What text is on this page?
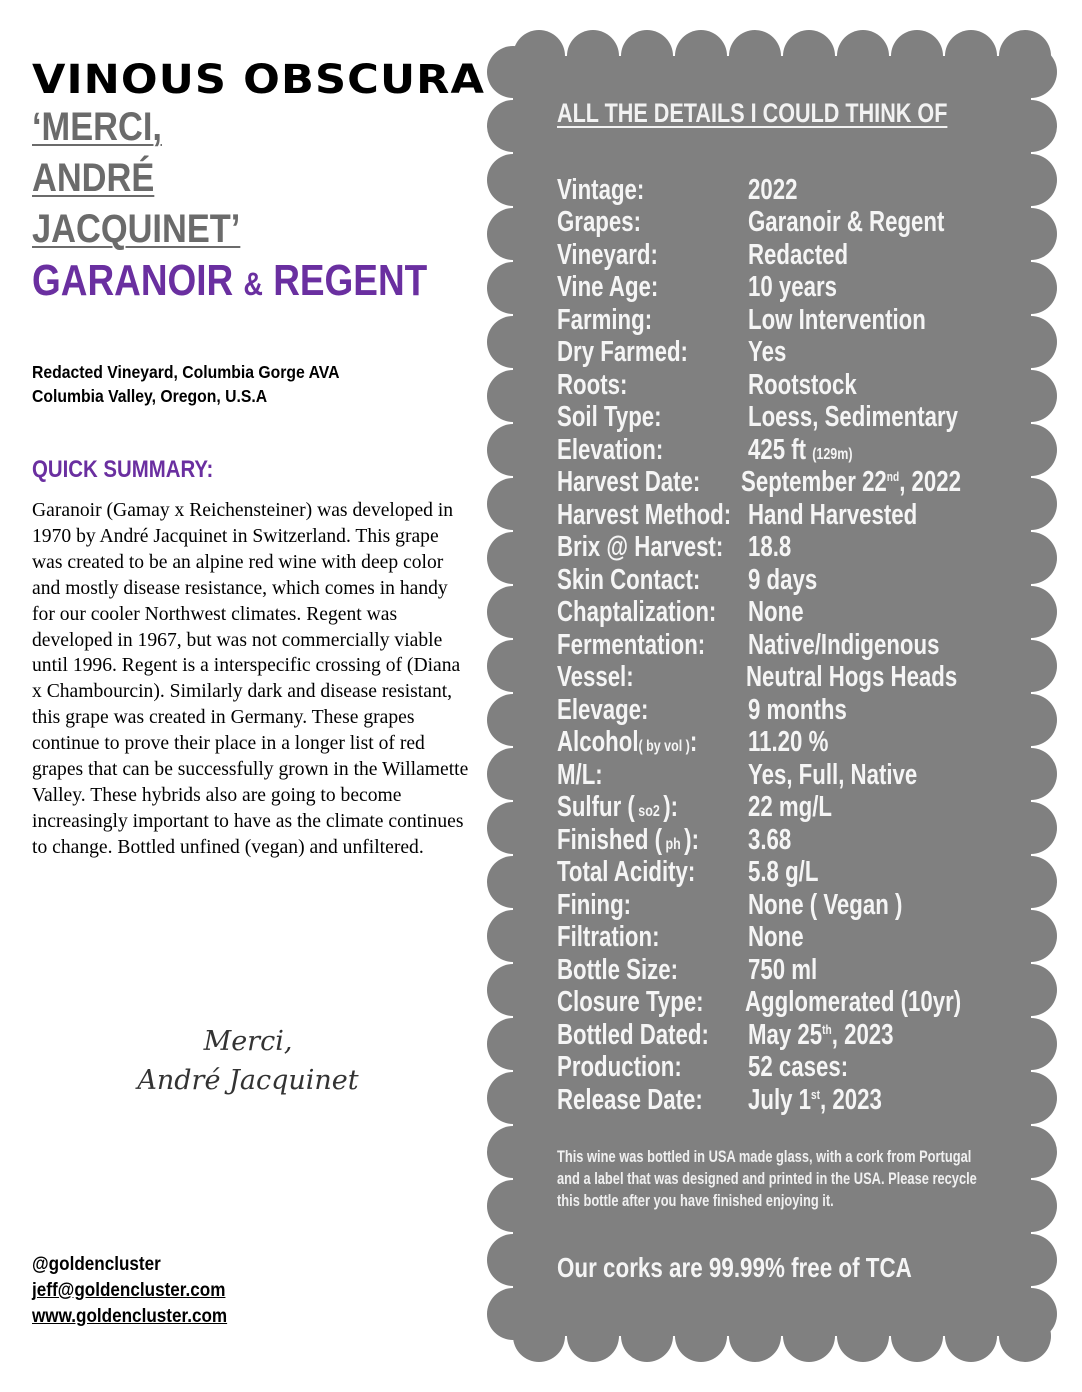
VINOUS OBSCURA
‘MERCI, ANDRÉ
JACQUINET’
GARANOIR & REGENT
Redacted Vineyard, Columbia Gorge AVA
Columbia Valley, Oregon, U.S.A
QUICK SUMMARY:
Garanoir (Gamay x Reichensteiner) was developed in 1970 by André Jacquinet in Switzerland. This grape was created to be an alpine red wine with deep color and mostly disease resistance, which comes in handy for our cooler Northwest climates. Regent was developed in 1967, but was not commercially viable until 1996. Regent is a interspecific crossing of (Diana x Chambourcin). Similarly dark and disease resistant, this grape was created in Germany. These grapes continue to prove their place in a longer list of red grapes that can be successfully grown in the Willamette Valley. These hybrids also are going to become increasingly important to have as the climate continues to change. Bottled unfined (vegan) and unfiltered.
Merci,
André Jacquinet
@goldencluster
jeff@goldencluster.com
www.goldencluster.com
ALL THE DETAILS I COULD THINK OF
Vintage:	2022
Grapes:	Garanoir & Regent
Vineyard:	Redacted
Vine Age:	10 years
Farming:	Low Intervention
Dry Farmed:	Yes
Roots:	Rootstock
Soil Type:	Loess, Sedimentary
Elevation:	425 ft (129m)
Harvest Date: September 22nd, 2022
Harvest Method: Hand Harvested
Brix @ Harvest: 18.8
Skin Contact: 9 days
Chaptalization: None
Fermentation: Native/Indigenous
Vessel:	Neutral Hogs Heads
Elevage:	9 months
Alcohol( by vol ):	11.20 %
M/L:	Yes, Full, Native
Sulfur ( so2 ):	22 mg/L
Finished ( ph ): 3.68
Total Acidity:	5.8 g/L
Fining:	None ( Vegan )
Filtration:	None
Bottle Size:	750 ml
Closure Type: Agglomerated (10yr)
Bottled Dated: May 25th, 2023
Production:	52 cases:
Release Date: July 1st, 2023
This wine was bottled in USA made glass, with a cork from Portugal and a label that was designed and printed in the USA. Please recycle this bottle after you have finished enjoying it.
Our corks are 99.99% free of TCA
